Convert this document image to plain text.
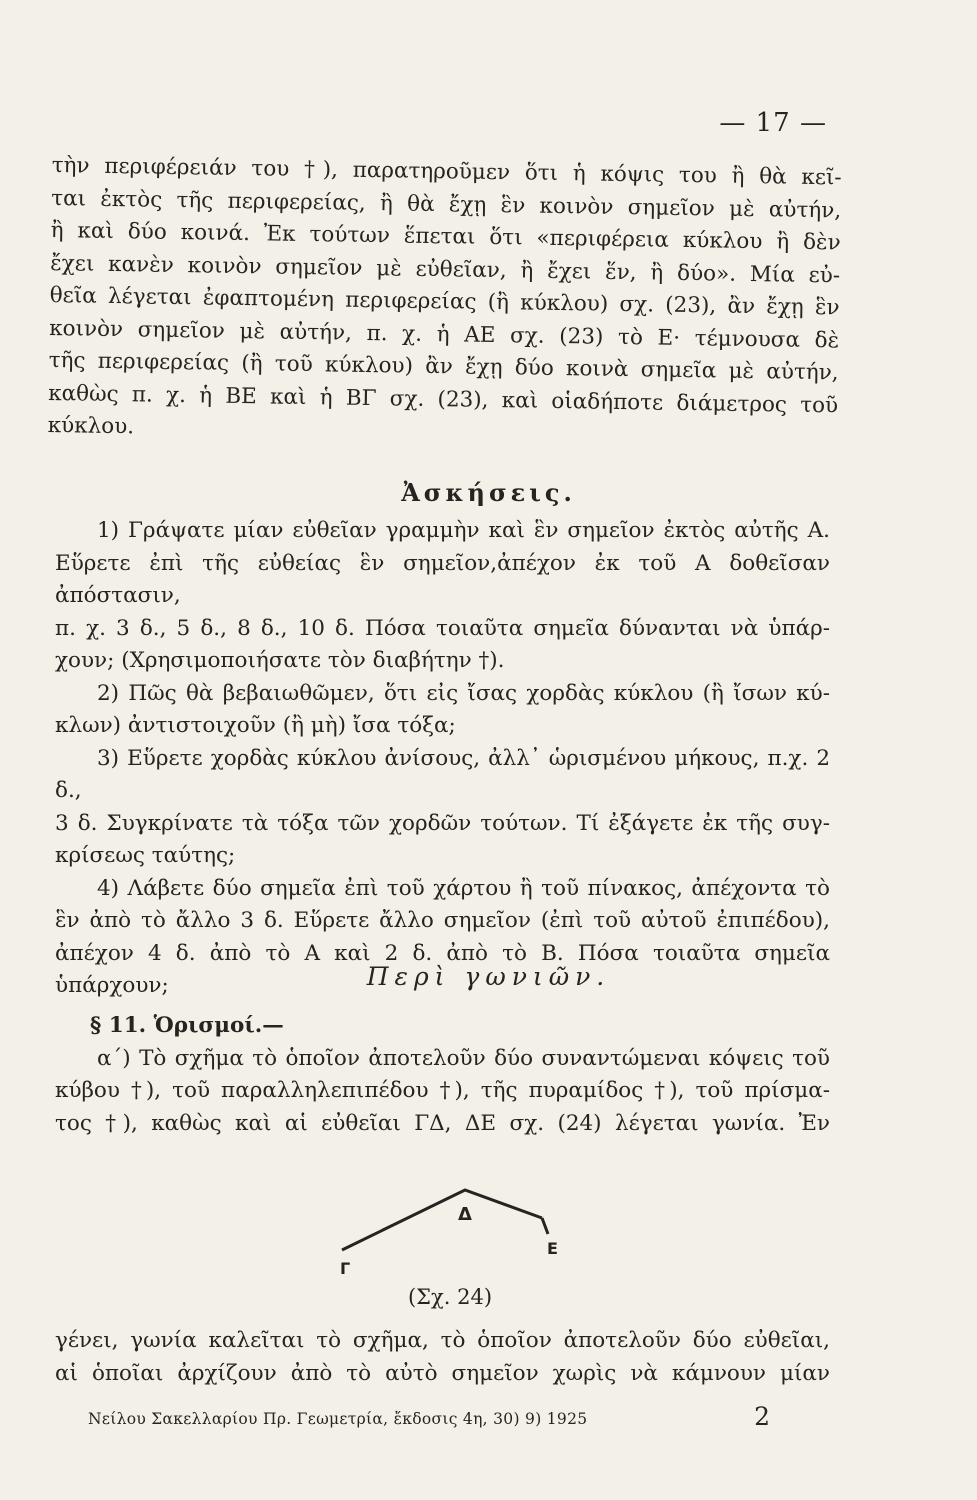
— 17 —

τὴν περιφέρειάν του †), παρατηροῦμεν ὅτι ἡ κόψις του ἢ θὰ κεῖ-

ται ἐκτὸς τῆς περιφερείας, ἢ θὰ ἔχῃ ἓν κοινὸν σημεῖον μὲ αὐτήν,

ἢ καὶ δύο κοινά. Ἐκ τούτων ἕπεται ὅτι «περιφέρεια κύκλου ἢ δὲν

ἔχει κανὲν κοινὸν σημεῖον μὲ εὐθεῖαν, ἢ ἔχει ἕν, ἢ δύο». Μία εὐ-

θεῖα λέγεται ἐφαπτομένη περιφερείας (ἢ κύκλου) σχ. (23), ἂν ἔχῃ ἓν

κοινὸν σημεῖον μὲ αὐτήν, π. χ. ἡ ΑΕ σχ. (23) τὸ Ε· τέμνουσα δὲ

τῆς περιφερείας (ἢ τοῦ κύκλου) ἂν ἔχῃ δύο κοινὰ σημεῖα μὲ αὐτήν,

καθὼς π. χ. ἡ ΒΕ καὶ ἡ ΒΓ σχ. (23), καὶ οἱαδήποτε διάμετρος τοῦ

κύκλου.

Ἀσκήσεις.

1) Γράψατε μίαν εὐθεῖαν γραμμὴν καὶ ἓν σημεῖον ἐκτὸς αὐτῆς Α.

Εὕρετε ἐπὶ τῆς εὐθείας ἓν σημεῖον,ἀπέχον ἐκ τοῦ Α δοθεῖσαν ἀπόστασιν,

π. χ. 3 δ., 5 δ., 8 δ., 10 δ. Πόσα τοιαῦτα σημεῖα δύνανται νὰ ὑπάρ-

χουν; (Χρησιμοποιήσατε τὸν διαβήτην †).

2) Πῶς θὰ βεβαιωθῶμεν, ὅτι εἰς ἴσας χορδὰς κύκλου (ἢ ἴσων κύ-

κλων) ἀντιστοιχοῦν (ἢ μὴ) ἴσα τόξα;

3) Εὕρετε χορδὰς κύκλου ἀνίσους, ἀλλ᾿ ὡρισμένου μήκους, π.χ. 2 δ.,

3 δ. Συγκρίνατε τὰ τόξα τῶν χορδῶν τούτων. Τί ἐξάγετε ἐκ τῆς συγ-

κρίσεως ταύτης;

4) Λάβετε δύο σημεῖα ἐπὶ τοῦ χάρτου ἢ τοῦ πίνακος, ἀπέχοντα τὸ

ἓν ἀπὸ τὸ ἄλλο 3 δ. Εὕρετε ἄλλο σημεῖον (ἐπὶ τοῦ αὐτοῦ ἐπιπέδου),

ἀπέχον 4 δ. ἀπὸ τὸ Α καὶ 2 δ. ἀπὸ τὸ Β. Πόσα τοιαῦτα σημεῖα ὑπάρχουν;	Περὶ γωνιῶν.

§ 11. Ὁρισμοί.—

α΄) Τὸ σχῆμα τὸ ὁποῖον ἀποτελοῦν δύο συναντώμεναι κόψεις τοῦ

κύβου †), τοῦ παραλληλεπιπέδου †), τῆς πυραμίδος †), τοῦ πρίσμα-

τος †), καθὼς καὶ αἱ εὐθεῖαι ΓΔ, ΔΕ σχ. (24) λέγεται γωνία. Ἐν

Δ
Γ
Ε
(Σχ. 24)

γένει, γωνία καλεῖται τὸ σχῆμα, τὸ ὁποῖον ἀποτελοῦν δύο εὐθεῖαι,

αἱ ὁποῖαι ἀρχίζουν ἀπὸ τὸ αὐτὸ σημεῖον χωρὶς νὰ κάμνουν μίαν

Νείλου Σακελλαρίου Πρ. Γεωμετρία, ἔκδοσις 4η, 30) 9) 1925	2
